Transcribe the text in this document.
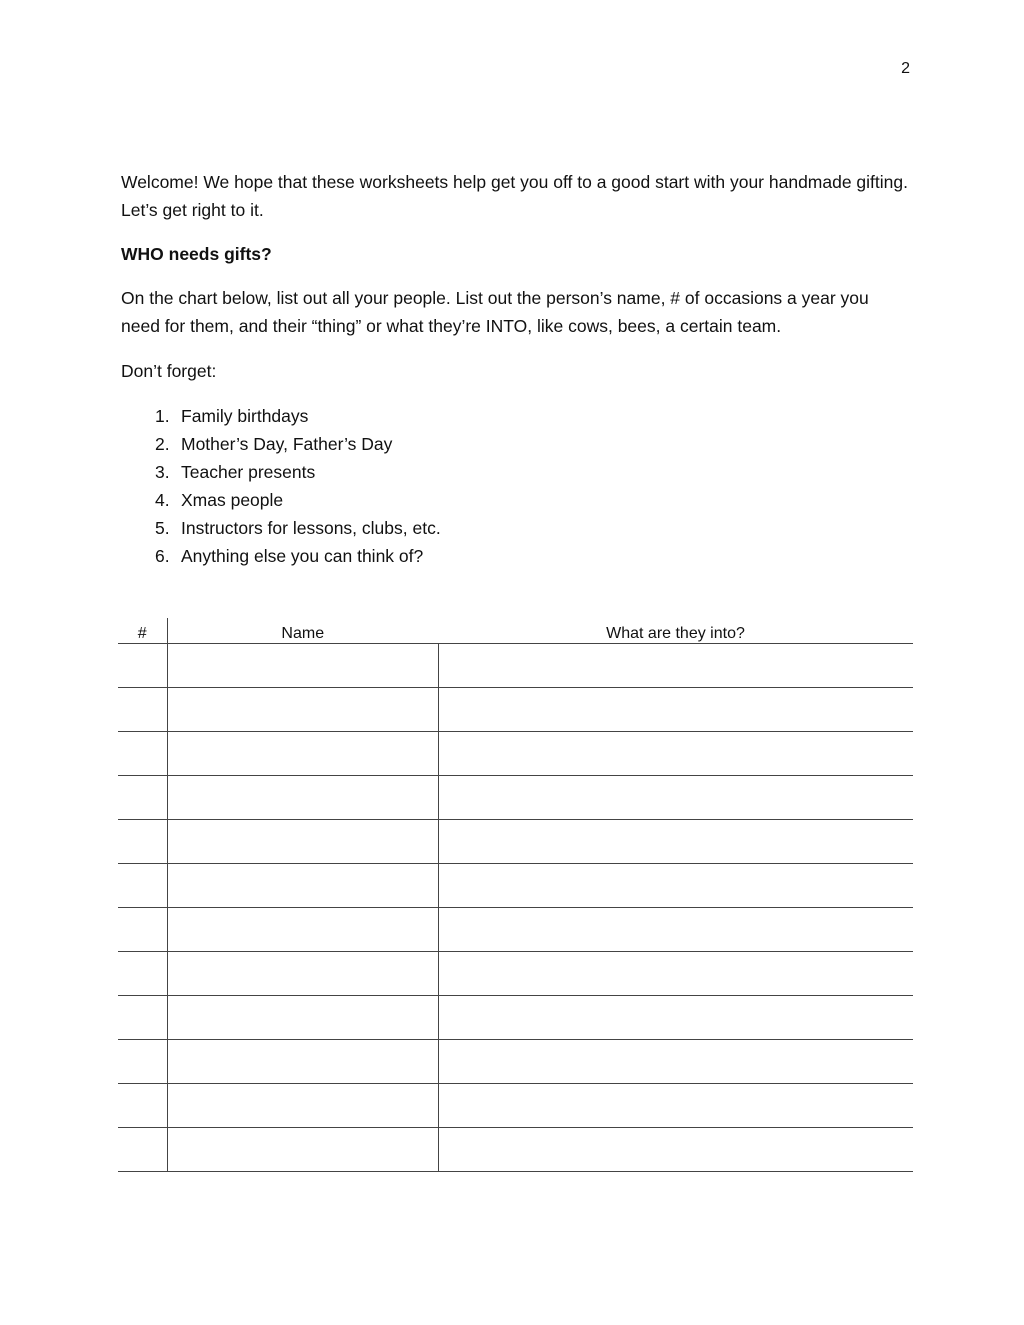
2

Welcome! We hope that these worksheets help get you off to a good start with your handmade gifting. Let’s get right to it.

WHO needs gifts?

On the chart below, list out all your people. List out the person’s name, # of occasions a year you need for them, and their “thing” or what they’re INTO, like cows, bees, a certain team.

Don’t forget:

1. Family birthdays
2. Mother’s Day, Father’s Day
3. Teacher presents
4. Xmas people
5. Instructors for lessons, clubs, etc.
6. Anything else you can think of?
#	Name	What are they into?
